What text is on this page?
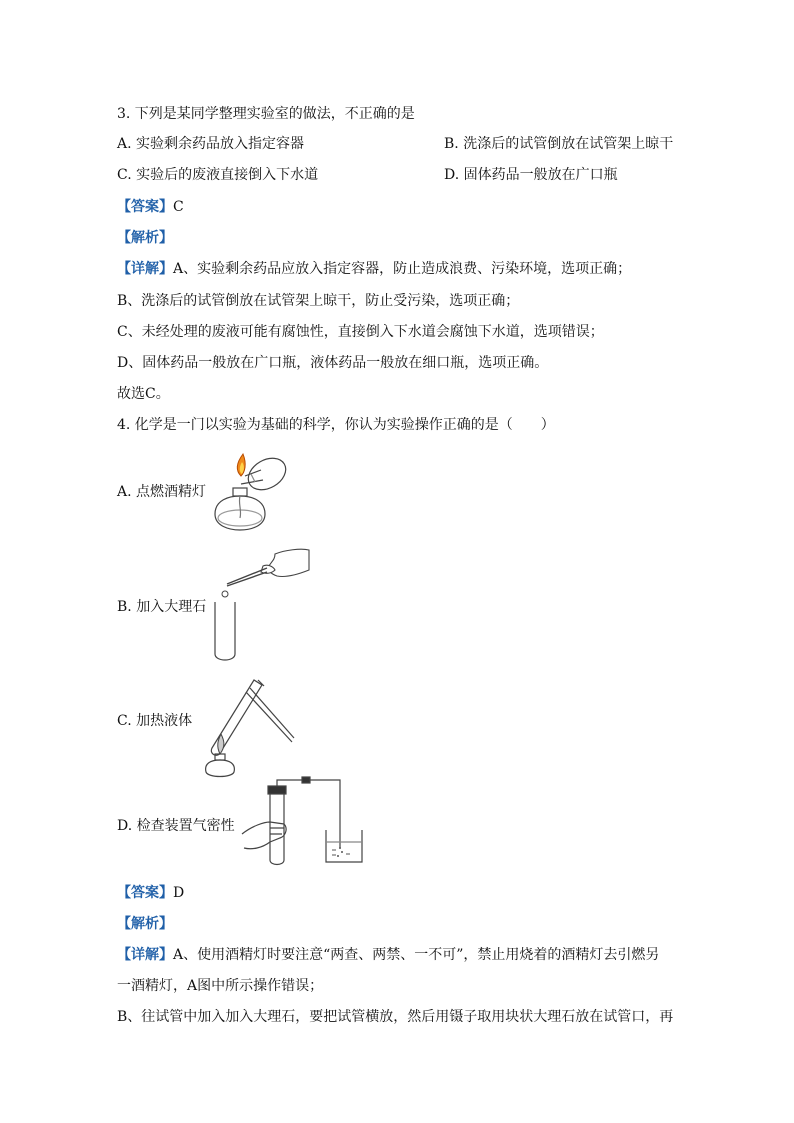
3. 下列是某同学整理实验室的做法，不正确的是
A. 实验剩余药品放入指定容器	B. 洗涤后的试管倒放在试管架上晾干
C. 实验后的废液直接倒入下水道	D. 固体药品一般放在广口瓶
【答案】C
【解析】
【详解】A、实验剩余药品应放入指定容器，防止造成浪费、污染环境，选项正确；
B、洗涤后的试管倒放在试管架上晾干，防止受污染，选项正确；
C、未经处理的废液可能有腐蚀性，直接倒入下水道会腐蚀下水道，选项错误；
D、固体药品一般放在广口瓶，液体药品一般放在细口瓶，选项正确。
故选C。
4. 化学是一门以实验为基础的科学，你认为实验操作正确的是（　　）
A. 点燃酒精灯
B. 加入大理石
C. 加热液体
D. 检查装置气密性
【答案】D
【解析】
【详解】A、使用酒精灯时要注意“两查、两禁、一不可”，禁止用烧着的酒精灯去引燃另
一酒精灯，A图中所示操作错误；
B、往试管中加入加入大理石，要把试管横放，然后用镊子取用块状大理石放在试管口，再
